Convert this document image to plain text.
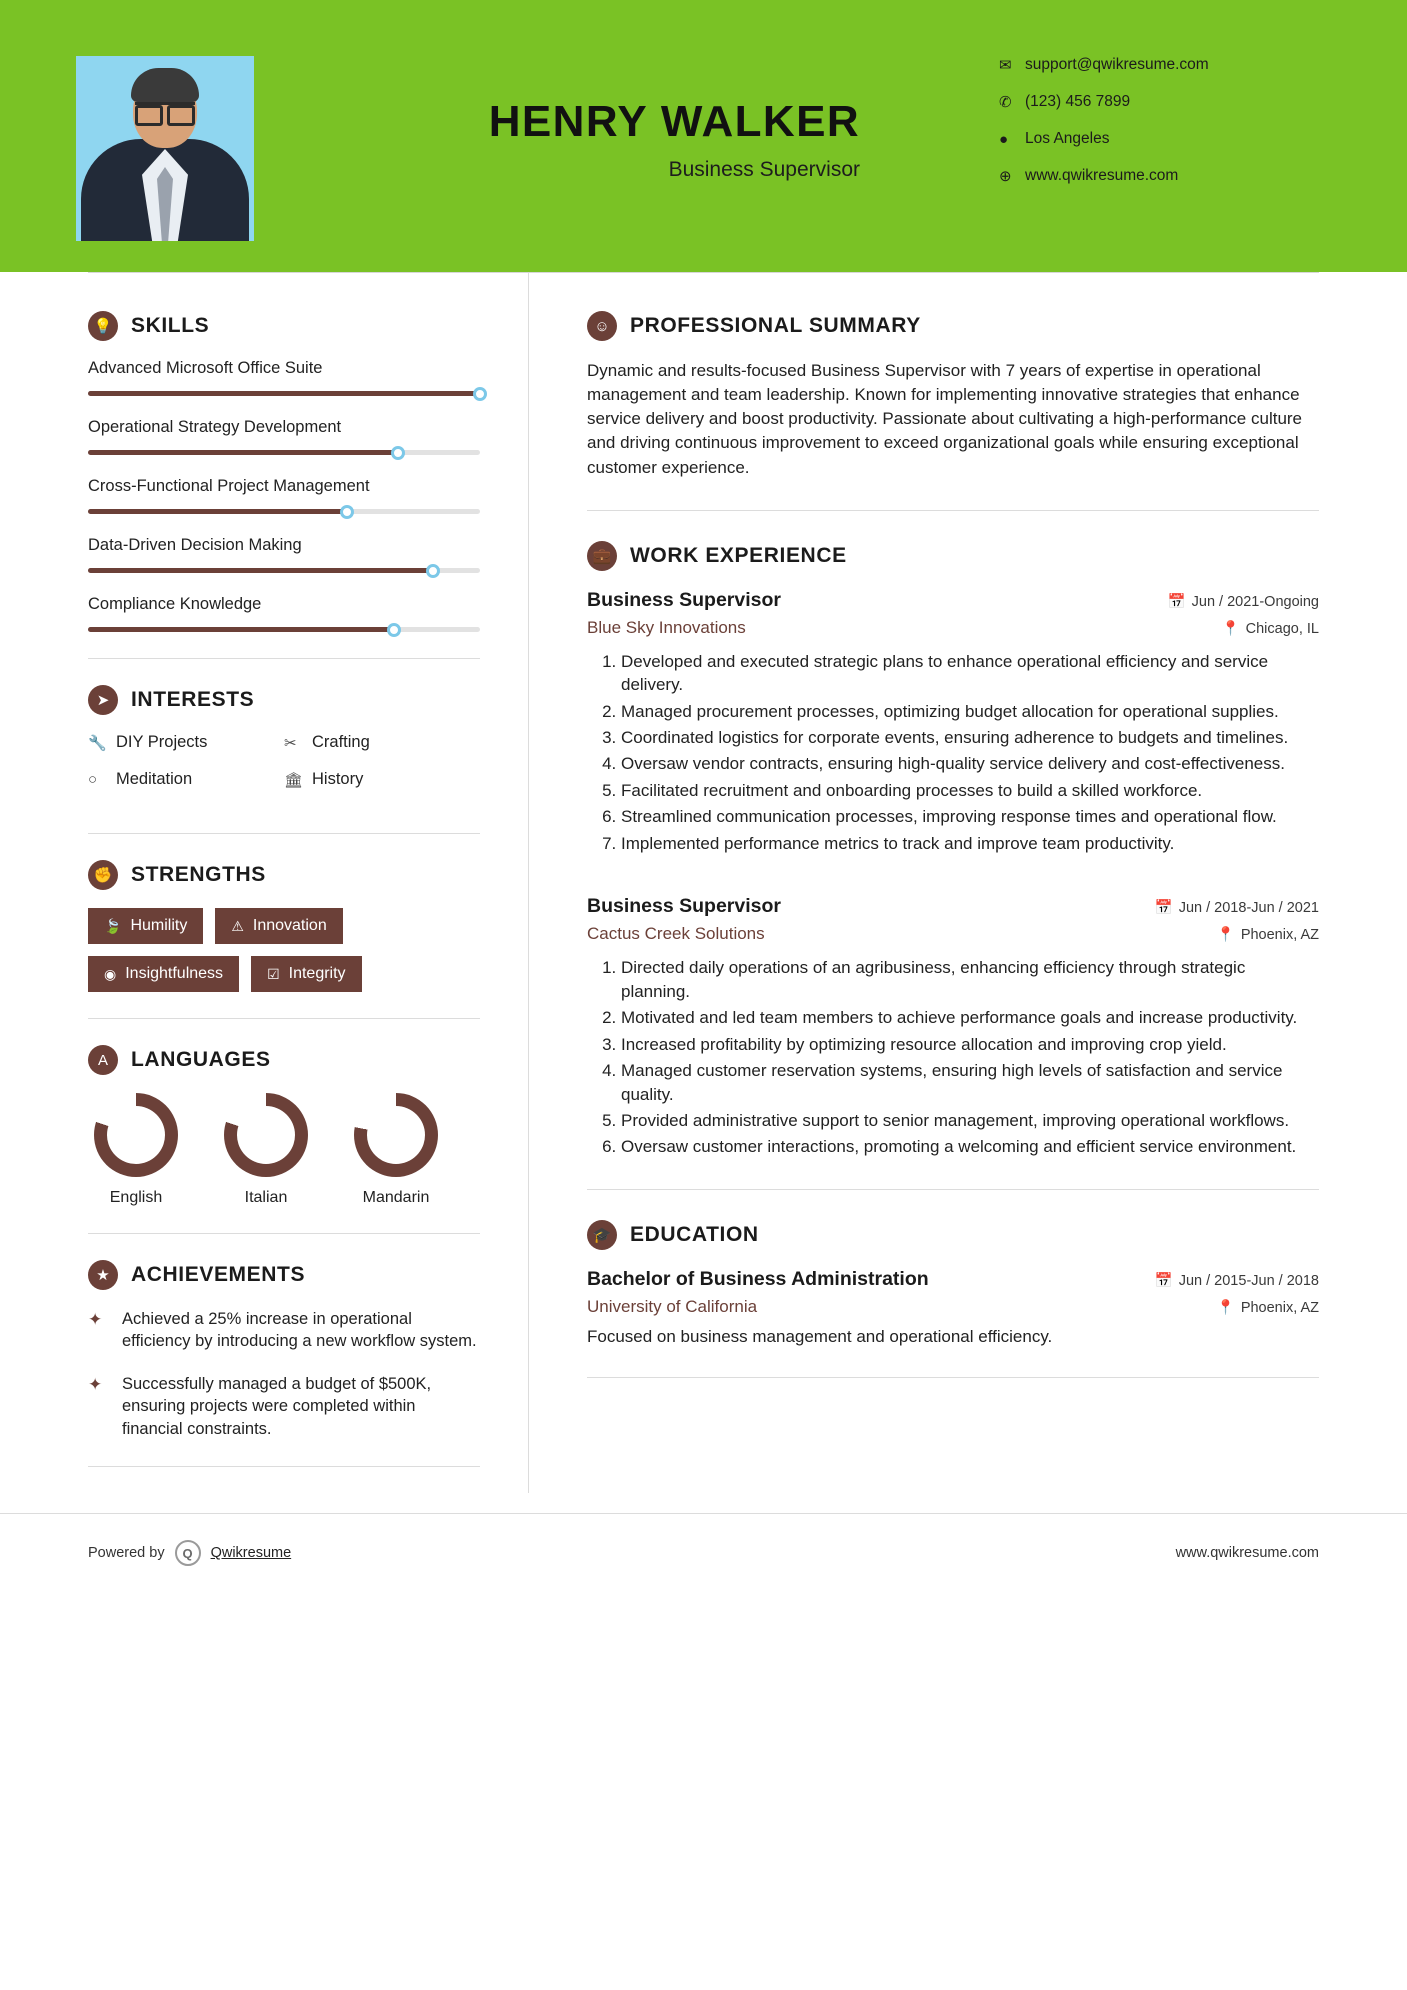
HENRY WALKER
Business Supervisor
✉ support@qwikresume.com
✆ (123) 456 7899
●	Los Angeles
⊕ www.qwikresume.com
💡 SKILLS
Advanced Microsoft Office Suite
Operational Strategy Development
Cross-Functional Project Management
Data-Driven Decision Making
Compliance Knowledge
➤	INTERESTS
🔧 DIY Projects	✂ Crafting
○	Meditation	🏛 History
✊ STRENGTHS
🍃 Humility	⚠ Innovation
◉ Insightfulness	☑ Integrity
A	LANGUAGES
English	Italian	Mandarin
★	ACHIEVEMENTS
✦	Achieved a 25% increase in operational efficiency by introducing a new workflow system.
✦	Successfully managed a budget of $500K, ensuring projects were completed within financial constraints.
☺ PROFESSIONAL SUMMARY
Dynamic and results-focused Business Supervisor with 7 years of expertise in operational management and team leadership. Known for implementing innovative strategies that enhance service delivery and boost productivity. Passionate about cultivating a high-performance culture and driving continuous improvement to exceed organizational goals while ensuring exceptional customer experience.
💼 WORK EXPERIENCE
Business Supervisor	📅 Jun / 2021-Ongoing
Blue Sky Innovations	📍 Chicago, IL
1. Developed and executed strategic plans to enhance operational efficiency and service delivery.
2. Managed procurement processes, optimizing budget allocation for operational supplies.
3. Coordinated logistics for corporate events, ensuring adherence to budgets and timelines.
4. Oversaw vendor contracts, ensuring high-quality service delivery and cost-effectiveness.
5. Facilitated recruitment and onboarding processes to build a skilled workforce.
6. Streamlined communication processes, improving response times and operational flow.
7. Implemented performance metrics to track and improve team productivity.
Business Supervisor	📅 Jun / 2018-Jun / 2021
Cactus Creek Solutions	📍 Phoenix, AZ
1. Directed daily operations of an agribusiness, enhancing efficiency through strategic planning.
2. Motivated and led team members to achieve performance goals and increase productivity.
3. Increased profitability by optimizing resource allocation and improving crop yield.
4. Managed customer reservation systems, ensuring high levels of satisfaction and service quality.
5. Provided administrative support to senior management, improving operational workflows.
6. Oversaw customer interactions, promoting a welcoming and efficient service environment.
🎓 EDUCATION
Bachelor of Business Administration	📅 Jun / 2015-Jun / 2018
University of California	📍 Phoenix, AZ
Focused on business management and operational efficiency.
Powered by	Q	Qwikresume	www.qwikresume.com
